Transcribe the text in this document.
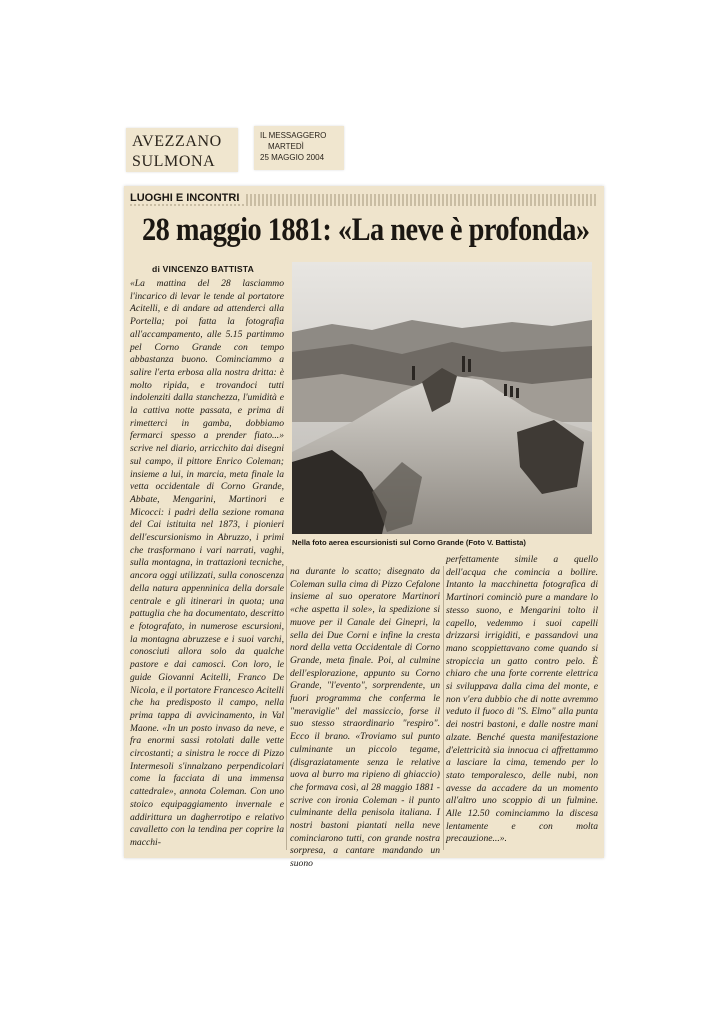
AVEZZANO
SULMONA
IL MESSAGGERO
MARTEDÌ
25 MAGGIO 2004
LUOGHI E INCONTRI
28 maggio 1881: «La neve è profonda»
di VINCENZO BATTISTA

«La mattina del 28 lasciammo l'incarico di levar le tende al portatore Acitelli, e di andare ad attenderci alla Portella; poi fatta la fotografia all'accampamento, alle 5.15 partimmo pel Corno Grande con tempo abbastanza buono. Cominciammo a salire l'erta erbosa alla nostra dritta: è molto ripida, e trovandoci tutti indolenziti dalla stanchezza, l'umidità e la cattiva notte passata, e prima di rimetterci in gamba, dobbiamo fermarci spesso a prender fiato...» scrive nel diario, arricchito dai disegni sul campo, il pittore Enrico Coleman; insieme a lui, in marcia, meta finale la vetta occidentale di Corno Grande, Abbate, Mengarini, Martinori e Micocci: i padri della sezione romana del Cai istituita nel 1873, i pionieri dell'escursionismo in Abruzzo, i primi che trasformano i vari narrati, vaghi, sulla montagna, in trattazioni tecniche, ancora oggi utilizzati, sulla conoscenza della natura appenninica della dorsale centrale e gli itinerari in quota; una pattuglia che ha documentato, descritto e fotografato, in numerose escursioni, la montagna abruzzese e i suoi varchi, conosciuti allora solo da qualche pastore e dai camosci. Con loro, le guide Giovanni Acitelli, Franco De Nicola, e il portatore Francesco Acitelli che ha predisposto il campo, nella prima tappa di avvicinamento, in Val Maone. «In un posto invaso da neve, e fra enormi sassi rotolati dalle vette circostanti; a sinistra le rocce di Pizzo Intermesoli s'innalzano perpendicolari come la facciata di una immensa cattedrale», annota Coleman. Con uno stoico equipaggiamento invernale e addirittura un dagherrotipo e relativo cavalletto con la tendina per coprire la macchi-

Nella foto aerea escursionisti sul Corno Grande (Foto V. Battista)

na durante lo scatto; disegnato da Coleman sulla cima di Pizzo Cefalone insieme al suo operatore Martinori «che aspetta il sole», la spedizione si muove per il Canale dei Ginepri, la sella dei Due Corni e infine la cresta nord della vetta Occidentale di Corno Grande, meta finale. Poi, al culmine dell'esplorazione, appunto su Corno Grande, "l'evento", sorprendente, un fuori programma che conferma le "meraviglie" del massiccio, forse il suo stesso straordinario "respiro". Ecco il brano. «Troviamo sul punto culminante un piccolo tegame, (disgraziatamente senza le relative uova al burro ma ripieno di ghiaccio) che formava così, al 28 maggio 1881 - scrive con ironia Coleman - il punto culminante della penisola italiana. I nostri bastoni piantati nella neve cominciarono tutti, con grande nostra sorpresa, a cantare mandando un suono

perfettamente simile a quello dell'acqua che comincia a bollire. Intanto la macchinetta fotografica di Martinori cominciò pure a mandare lo stesso suono, e Mengarini tolto il capello, vedemmo i suoi capelli drizzarsi irrigiditi, e passandovi una mano scoppiettavano come quando si stropiccia un gatto contro pelo. È chiaro che una forte corrente elettrica si sviluppava dalla cima del monte, e non v'era dubbio che di notte avremmo veduto il fuoco di "S. Elmo" alla punta dei nostri bastoni, e dalle nostre mani alzate. Benché questa manifestazione d'elettricità sia innocua ci affrettammo a lasciare la cima, temendo per lo stato temporalesco, delle nubi, non avesse da accadere da un momento all'altro uno scoppio di un fulmine. Alle 12.50 cominciammo la discesa lentamente e con molta precauzione...».
